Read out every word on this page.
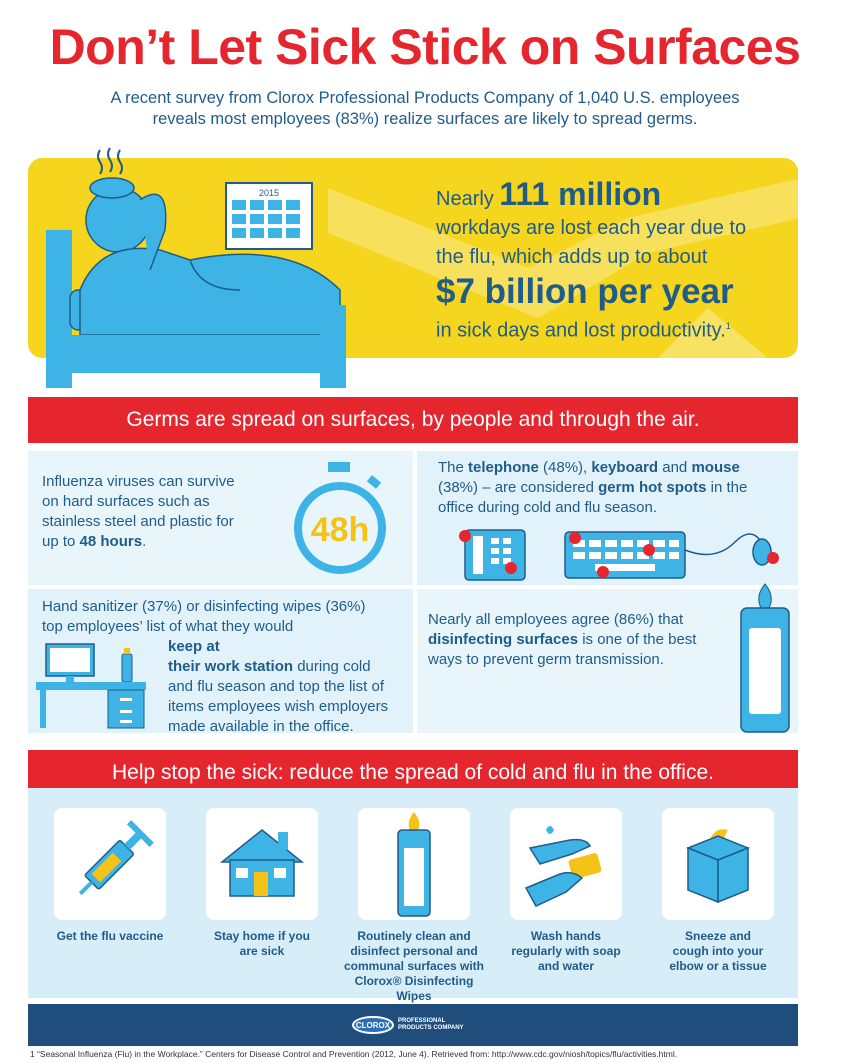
Don’t Let Sick Stick on Surfaces
A recent survey from Clorox Professional Products Company of 1,040 U.S. employees
reveals most employees (83%) realize surfaces are likely to spread germs.
2015	Nearly 111 million
workdays are lost each year due to
the flu, which adds up to about
$7 billion per year
in sick days and lost productivity.$^1$
Germs are spread on surfaces, by people and through the air.
Influenza viruses can survive
on hard surfaces such as
stainless steel and plastic for
up to 48 hours.	48h
The telephone (48%), keyboard and mouse
(38%) – are considered germ hot spots in the
office during cold and flu season.
Hand sanitizer (37%) or disinfecting wipes (36%)
top employees’ list of what they would
keep at
their work station during cold
and flu season and top the list of
items employees wish employers
made available in the office.
Nearly all employees agree (86%) that
disinfecting surfaces is one of the best
ways to prevent germ transmission.
Help stop the sick: reduce the spread of cold and flu in the office.
Get the flu vaccine	Stay home if you
are sick
Routinely clean and
disinfect personal and
communal surfaces with
Clorox® Disinfecting Wipes
Wash hands
regularly with soap
and water
Sneeze and
cough into your
elbow or a tissue
CLOROX	PROFESSIONAL
PRODUCTS COMPANY
1 “Seasonal Influenza (Flu) in the Workplace.” Centers for Disease Control and Prevention (2012, June 4). Retrieved from: http://www.cdc.gov/niosh/topics/flu/activities.html.
